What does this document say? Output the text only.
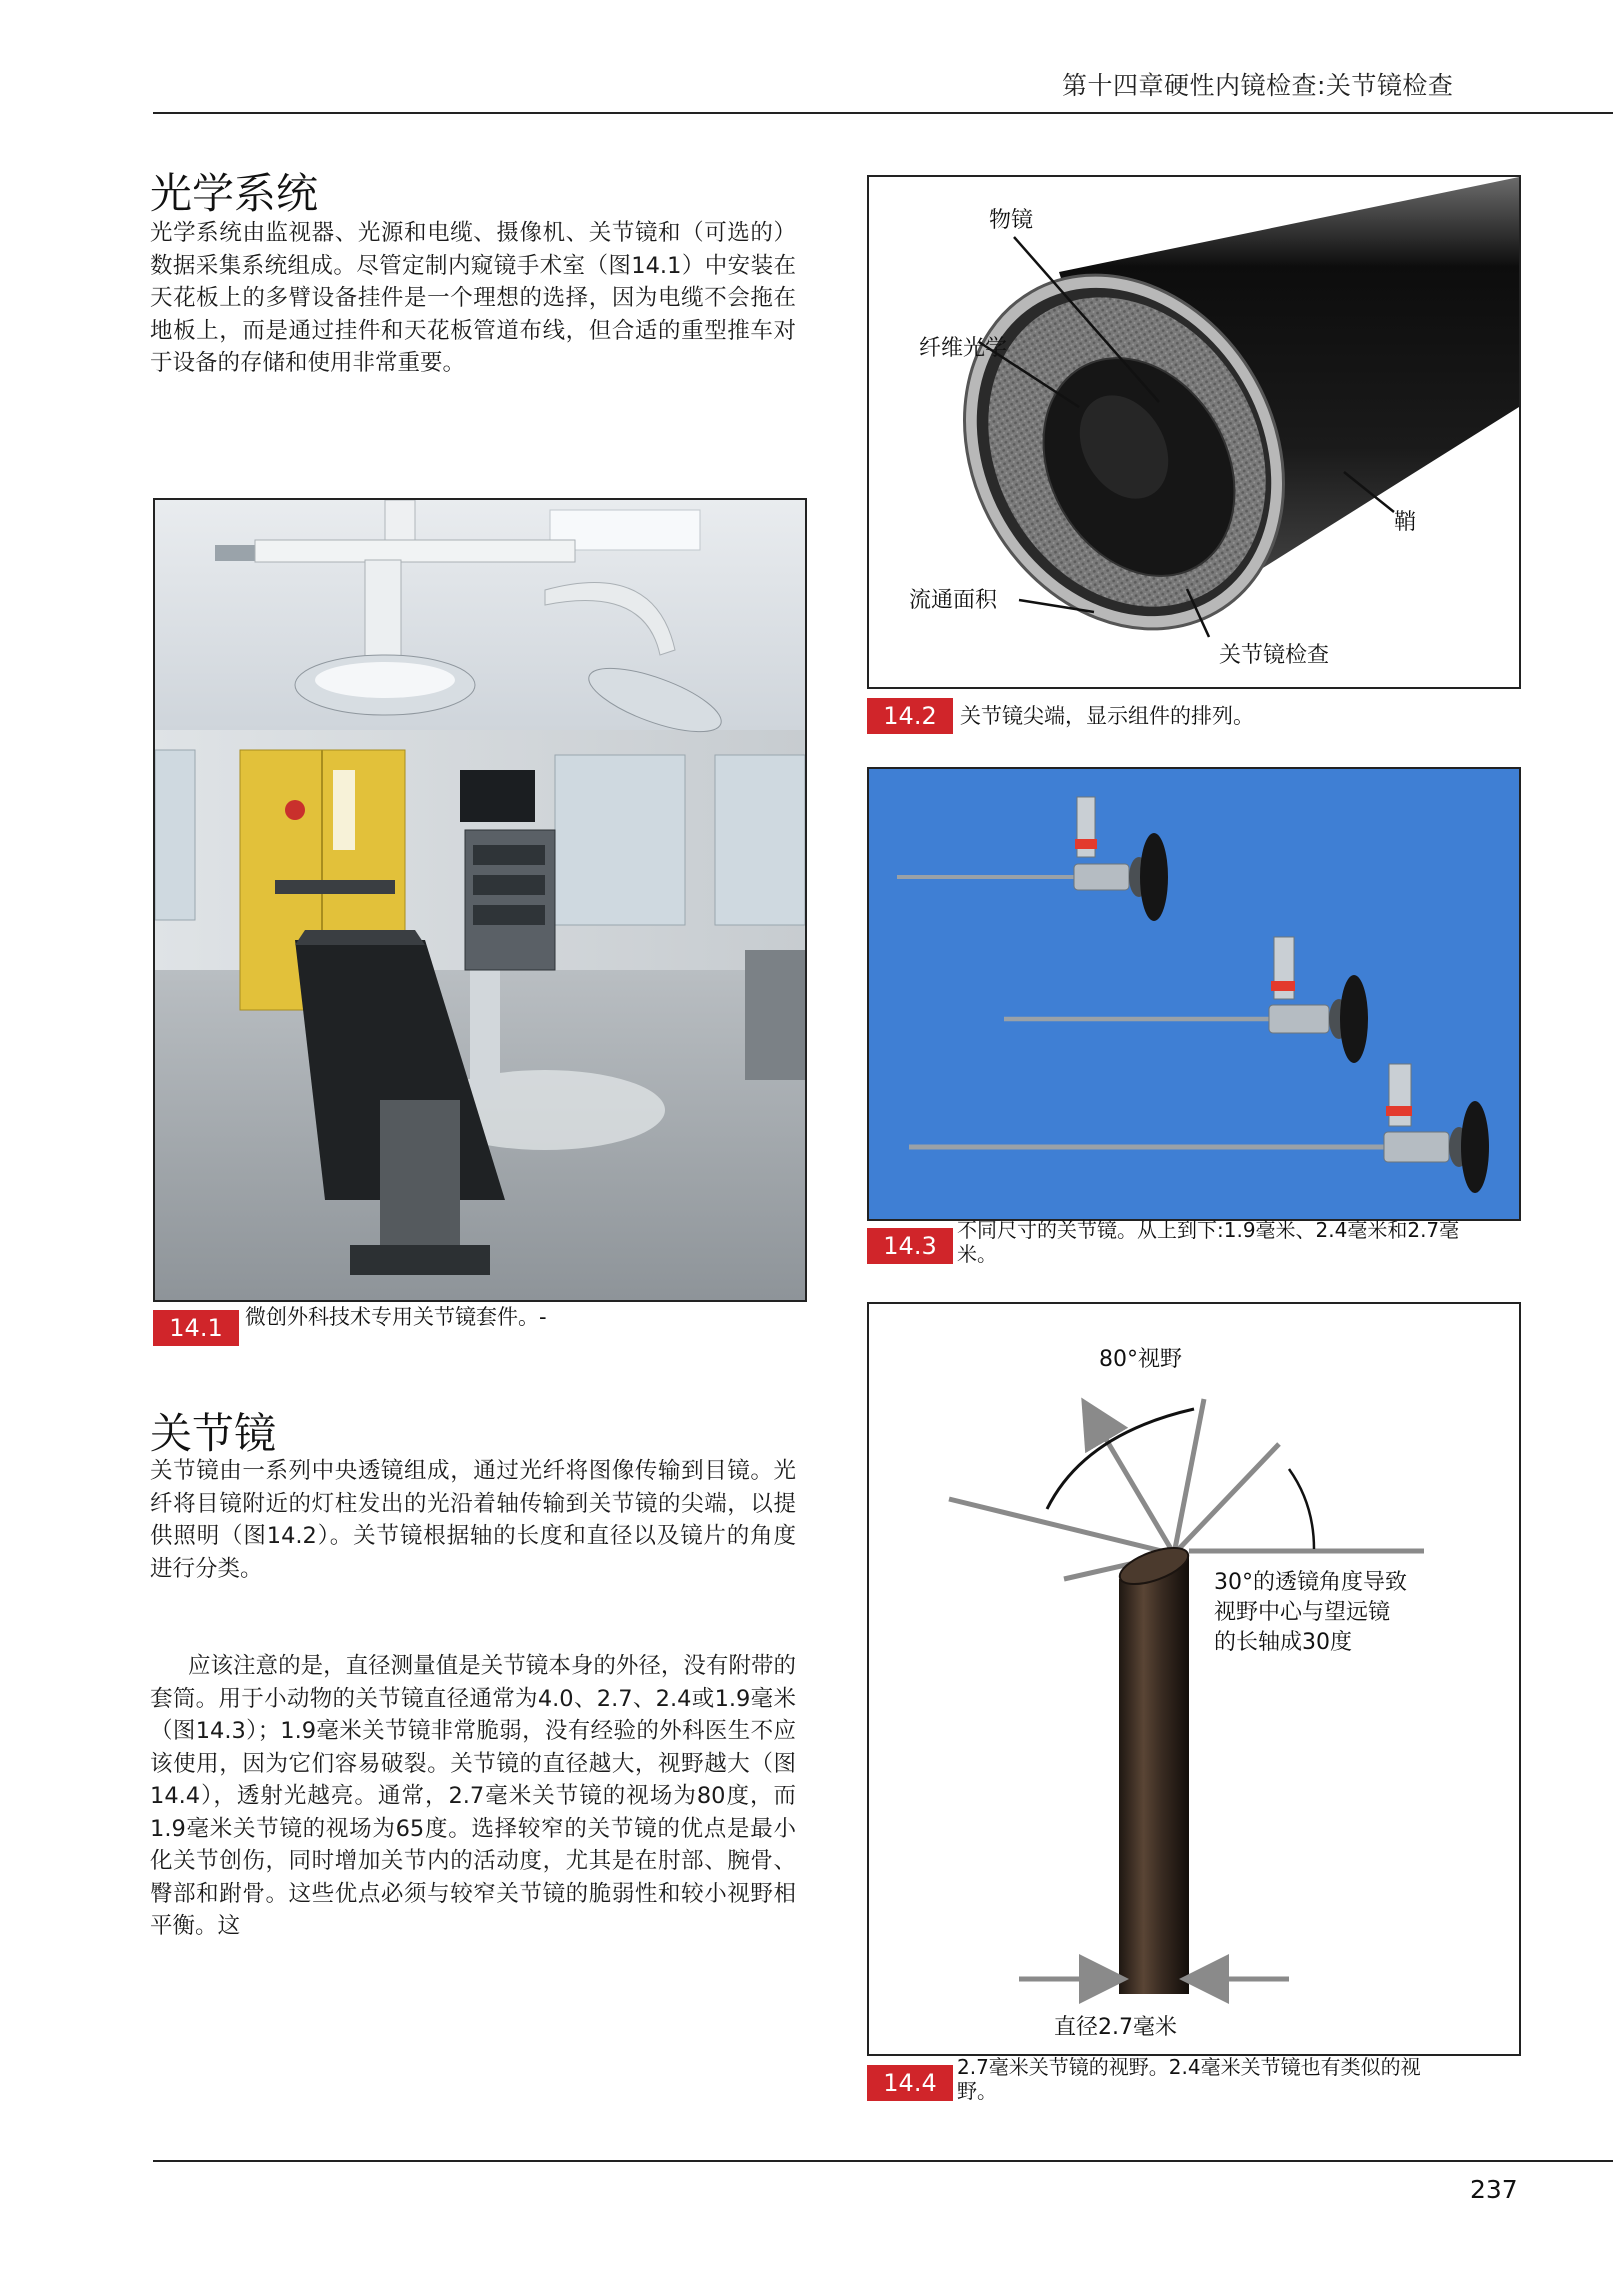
第十四章硬性内镜检查:关节镜检查
光学系统
光学系统由监视器、光源和电缆、摄像机、关节镜和（可选的）数据采集系统组成。尽管定制内窥镜手术室（图14.1）中安装在天花板上的多臂设备挂件是一个理想的选择，因为电缆不会拖在地板上，而是通过挂件和天花板管道布线，但合适的重型推车对于设备的存储和使用非常重要。
14.1	微创外科技术专用关节镜套件。-
关节镜
关节镜由一系列中央透镜组成，通过光纤将图像传输到目镜。光纤将目镜附近的灯柱发出的光沿着轴传输到关节镜的尖端，以提供照明（图14.2）。关节镜根据轴的长度和直径以及镜片的角度进行分类。
应该注意的是，直径测量值是关节镜本身的外径，没有附带的套筒。用于小动物的关节镜直径通常为4.0、2.7、2.4或1.9毫米（图14.3）；1.9毫米关节镜非常脆弱，没有经验的外科医生不应该使用，因为它们容易破裂。关节镜的直径越大，视野越大（图14.4），透射光越亮。通常，2.7毫米关节镜的视场为80度，而1.9毫米关节镜的视场为65度。选择较窄的关节镜的优点是最小化关节创伤，同时增加关节内的活动度，尤其是在肘部、腕骨、臀部和跗骨。这些优点必须与较窄关节镜的脆弱性和较小视野相平衡。这
物镜
纤维光学
鞘
流通面积
关节镜检查
14.2	关节镜尖端，显示组件的排列。
14.3
不同尺寸的关节镜。从上到下:1.9毫米、2.4毫米和2.7毫米。
80°视野
30°的透镜角度导致
视野中心与望远镜
的长轴成30度
直径2.7毫米
14.4
2.7毫米关节镜的视野。2.4毫米关节镜也有类似的视野。
237
